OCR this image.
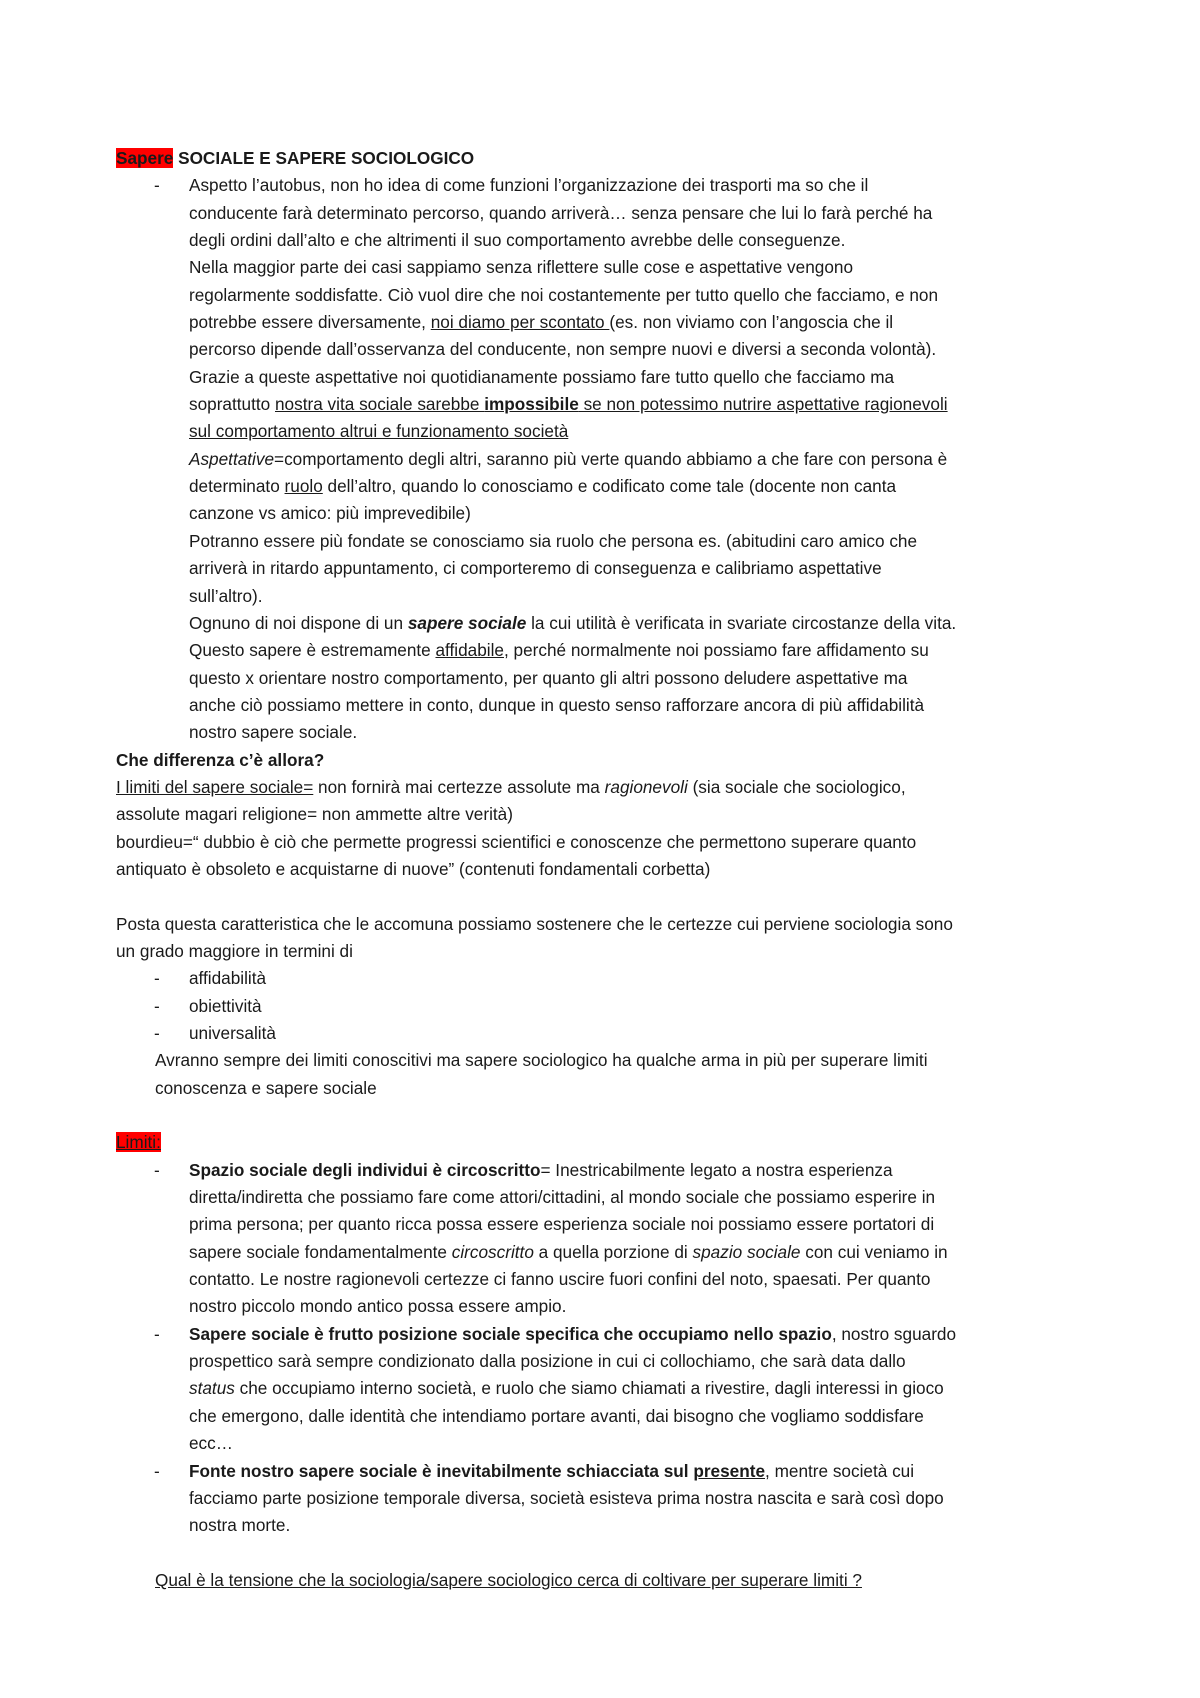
Sapere SOCIALE E SAPERE SOCIOLOGICO
-	Aspetto l’autobus, non ho idea di come funzioni l’organizzazione dei trasporti ma so che il
conducente farà determinato percorso, quando arriverà… senza pensare che lui lo farà perché ha
degli ordini dall’alto e che altrimenti il suo comportamento avrebbe delle conseguenze.
Nella maggior parte dei casi sappiamo senza riflettere sulle cose e aspettative vengono
regolarmente soddisfatte. Ciò vuol dire che noi costantemente per tutto quello che facciamo, e non
potrebbe essere diversamente, noi diamo per scontato (es. non viviamo con l’angoscia che il
percorso dipende dall’osservanza del conducente, non sempre nuovi e diversi a seconda volontà).
Grazie a queste aspettative noi quotidianamente possiamo fare tutto quello che facciamo ma
soprattutto nostra vita sociale sarebbe impossibile se non potessimo nutrire aspettative ragionevoli
sul comportamento altrui e funzionamento società
Aspettative=comportamento degli altri, saranno più verte quando abbiamo a che fare con persona è
determinato ruolo dell’altro, quando lo conosciamo e codificato come tale (docente non canta
canzone vs amico: più imprevedibile)
Potranno essere più fondate se conosciamo sia ruolo che persona es. (abitudini caro amico che
arriverà in ritardo appuntamento, ci comporteremo di conseguenza e calibriamo aspettative
sull’altro).
Ognuno di noi dispone di un sapere sociale la cui utilità è verificata in svariate circostanze della vita.
Questo sapere è estremamente affidabile, perché normalmente noi possiamo fare affidamento su
questo x orientare nostro comportamento, per quanto gli altri possono deludere aspettative ma
anche ciò possiamo mettere in conto, dunque in questo senso rafforzare ancora di più affidabilità
nostro sapere sociale.
Che differenza c’è allora?
I limiti del sapere sociale= non fornirà mai certezze assolute ma ragionevoli (sia sociale che sociologico,
assolute magari religione= non ammette altre verità)
bourdieu=“ dubbio è ciò che permette progressi scientifici e conoscenze che permettono superare quanto
antiquato è obsoleto e acquistarne di nuove” (contenuti fondamentali corbetta)
Posta questa caratteristica che le accomuna possiamo sostenere che le certezze cui perviene sociologia sono
un grado maggiore in termini di
-	affidabilità
-	obiettività
-	universalità
Avranno sempre dei limiti conoscitivi ma sapere sociologico ha qualche arma in più per superare limiti
conoscenza e sapere sociale
Limiti:
-	Spazio sociale degli individui è circoscritto= Inestricabilmente legato a nostra esperienza
diretta/indiretta che possiamo fare come attori/cittadini, al mondo sociale che possiamo esperire in
prima persona; per quanto ricca possa essere esperienza sociale noi possiamo essere portatori di
sapere sociale fondamentalmente circoscritto a quella porzione di spazio sociale con cui veniamo in
contatto. Le nostre ragionevoli certezze ci fanno uscire fuori confini del noto, spaesati. Per quanto
nostro piccolo mondo antico possa essere ampio.
-	Sapere sociale è frutto posizione sociale specifica che occupiamo nello spazio, nostro sguardo
prospettico sarà sempre condizionato dalla posizione in cui ci collochiamo, che sarà data dallo
status che occupiamo interno società, e ruolo che siamo chiamati a rivestire, dagli interessi in gioco
che emergono, dalle identità che intendiamo portare avanti, dai bisogno che vogliamo soddisfare
ecc…
-	Fonte nostro sapere sociale è inevitabilmente schiacciata sul presente, mentre società cui
facciamo parte posizione temporale diversa, società esisteva prima nostra nascita e sarà così dopo
nostra morte.
Qual è la tensione che la sociologia/sapere sociologico cerca di coltivare per superare limiti ?
